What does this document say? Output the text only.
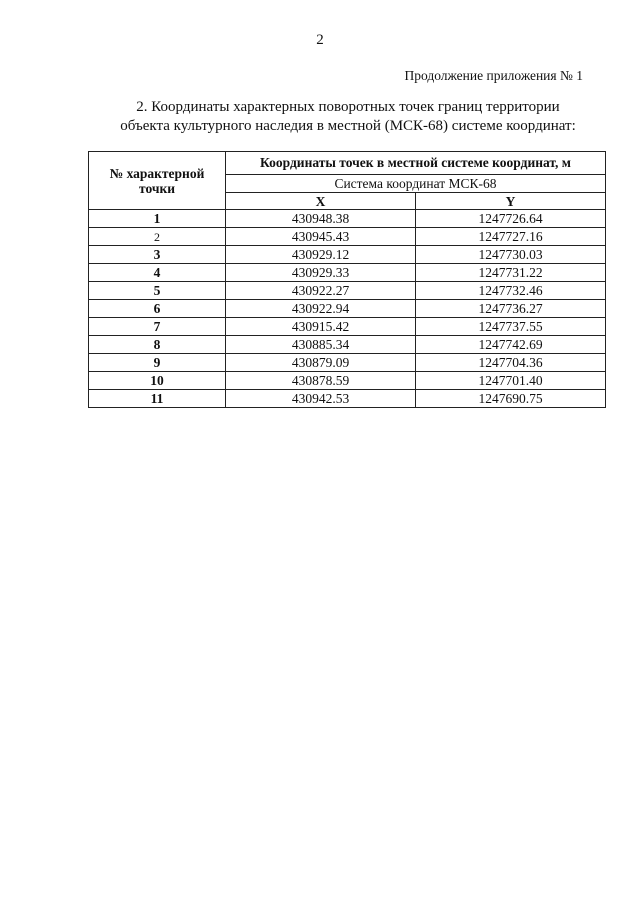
2
Продолжение приложения № 1
2. Координаты характерных поворотных точек границ территории
объекта культурного наследия в местной (МСК-68) системе координат:
№ характерной
точки	Координаты точек в местной системе координат, м	
	Система координат МСК-68	
	X	Y
1	430948.38	1247726.64
2	430945.43	1247727.16
3	430929.12	1247730.03
4	430929.33	1247731.22
5	430922.27	1247732.46
6	430922.94	1247736.27
7	430915.42	1247737.55
8	430885.34	1247742.69
9	430879.09	1247704.36
10	430878.59	1247701.40
11	430942.53	1247690.75
